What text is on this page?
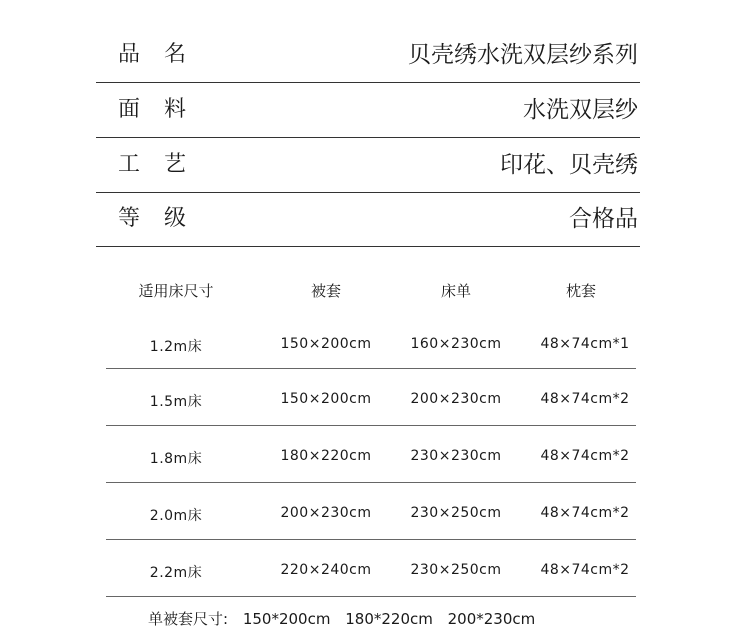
品名	贝壳绣水洗双层纱系列
面料	水洗双层纱
工艺	印花、贝壳绣
等级	合格品
适用床尺寸	被套	床单	枕套
1.2m床	150×200cm	160×230cm	48×74cm*1
1.5m床	150×200cm	200×230cm	48×74cm*2
1.8m床	180×220cm	230×230cm	48×74cm*2
2.0m床	200×230cm	230×250cm	48×74cm*2
2.2m床	220×240cm	230×250cm	48×74cm*2
单被套尺寸: 150*200cm 180*220cm 200*230cm
